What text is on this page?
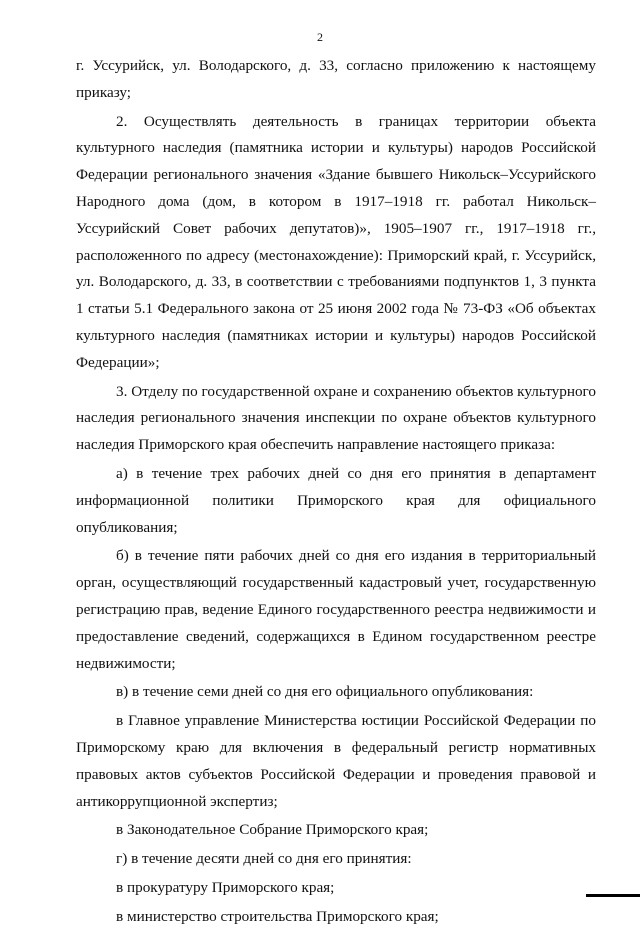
2

г. Уссурийск, ул. Володарского, д. 33, согласно приложению к настоящему приказу;

2. Осуществлять деятельность в границах территории объекта культурного наследия (памятника истории и культуры) народов Российской Федерации регионального значения «Здание бывшего Никольск–Уссурийского Народного дома (дом, в котором в 1917–1918 гг. работал Никольск–Уссурийский Совет рабочих депутатов)», 1905–1907 гг., 1917–1918 гг., расположенного по адресу (местонахождение): Приморский край, г. Уссурийск, ул. Володарского, д. 33, в соответствии с требованиями подпунктов 1, 3 пункта 1 статьи 5.1 Федерального закона от 25 июня 2002 года № 73-ФЗ «Об объектах культурного наследия (памятниках истории и культуры) народов Российской Федерации»;

3. Отделу по государственной охране и сохранению объектов культурного наследия регионального значения инспекции по охране объектов культурного наследия Приморского края обеспечить направление настоящего приказа:

а) в течение трех рабочих дней со дня его принятия в департамент информационной политики Приморского края для официального опубликования;

б) в течение пяти рабочих дней со дня его издания в территориальный орган, осуществляющий государственный кадастровый учет, государственную регистрацию прав, ведение Единого государственного реестра недвижимости и предоставление сведений, содержащихся в Едином государственном реестре недвижимости;

в) в течение семи дней со дня его официального опубликования:

в Главное управление Министерства юстиции Российской Федерации по Приморскому краю для включения в федеральный регистр нормативных правовых актов субъектов Российской Федерации и проведения правовой и антикоррупционной экспертиз;

в Законодательное Собрание Приморского края;

г) в течение десяти дней со дня его принятия:

в прокуратуру Приморского края;

в министерство строительства Приморского края;
